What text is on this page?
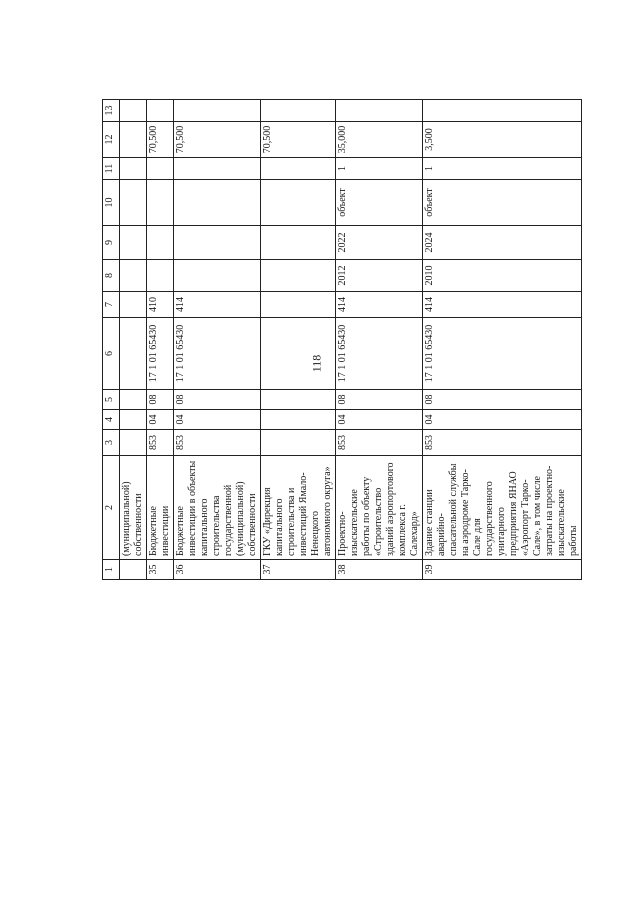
118
1	2	3	4	5	6	7	8	9	10	11	12	13
	(муниципальной) собственности											
35	Бюджетные инвестиции	853	04	08	17 1 01 65430	410					70,500	
36	Бюджетные инвестиции в объекты капитального строительства государственной (муниципальной) собственности	853	04	08	17 1 01 65430	414					70,500	
37	ГКУ «Дирекция капитального строительства и инвестиций Ямало-Ненецкого автономного округа»										70,500	
38	Проектно-изыскательские работы по объекту «Строительство зданий аэропортового комплекса г. Салехард»	853	04	08	17 1 01 65430	414	2012	2022	объект	1	35,000	
39	Здание станции аварийно-спасательной службы на аэродроме Тарко-Сале для государственного унитарного предприятия ЯНАО «Аэропорт Тарко-Сале», в том числе затраты на проектно-изыскательские работы	853	04	08	17 1 01 65430	414	2010	2024	объект	1	3,500	
